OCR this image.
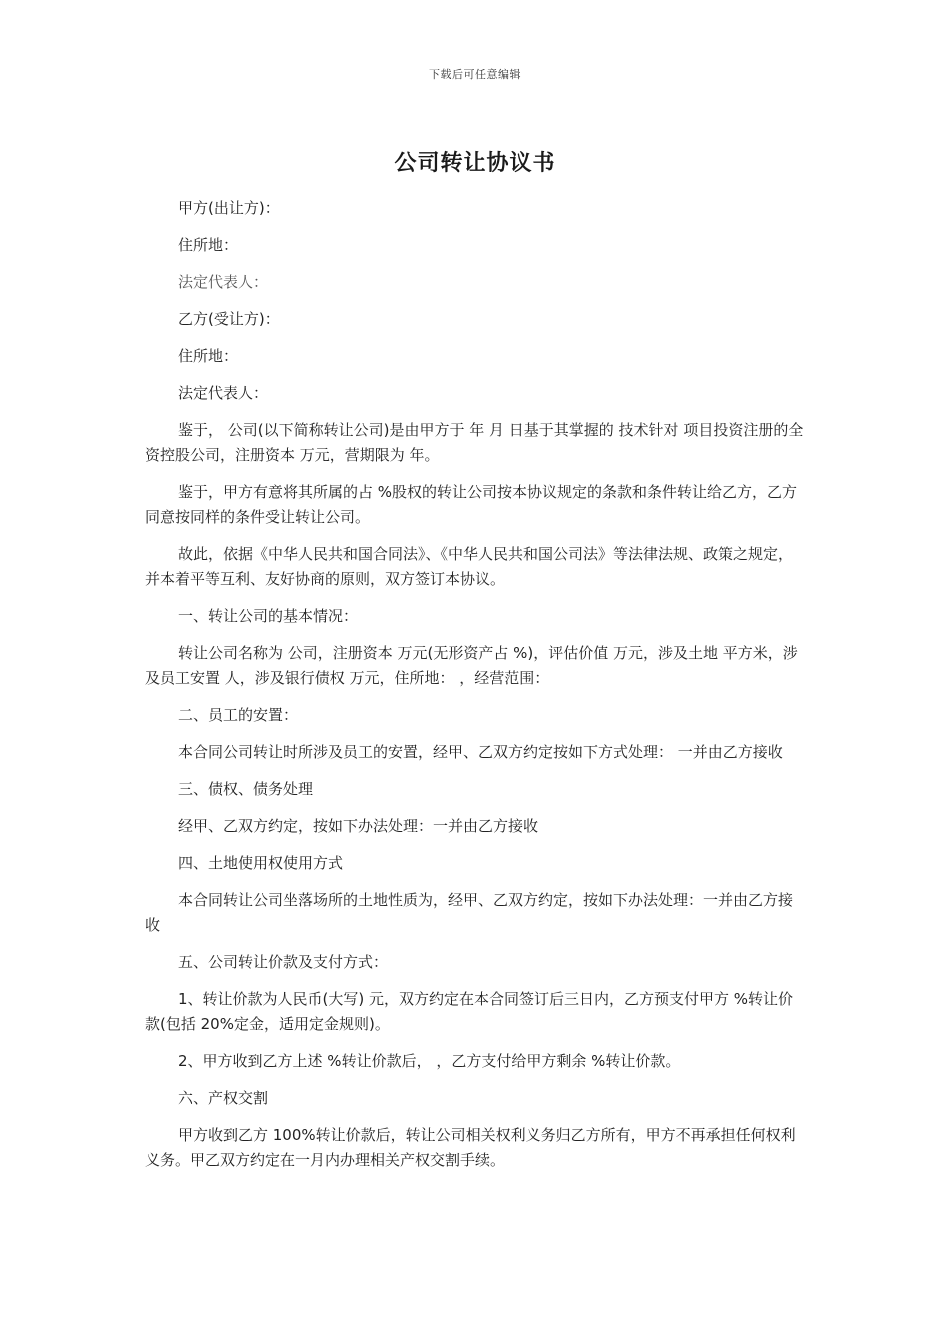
下载后可任意编辑
公司转让协议书

甲方(出让方)：

住所地：

法定代表人：

乙方(受让方)：

住所地：

法定代表人：

鉴于， 公司(以下简称转让公司)是由甲方于 年 月 日基于其掌握的 技术针对 项目投资注册的全资控股公司，注册资本 万元，营期限为 年。

鉴于，甲方有意将其所属的占 %股权的转让公司按本协议规定的条款和条件转让给乙方，乙方同意按同样的条件受让转让公司。

故此，依据《中华人民共和国合同法》、《中华人民共和国公司法》等法律法规、政策之规定，并本着平等互利、友好协商的原则，双方签订本协议。

一、转让公司的基本情况：

转让公司名称为 公司，注册资本 万元(无形资产占 %)，评估价值 万元，涉及土地 平方米，涉及员工安置 人，涉及银行债权 万元，住所地： ，经营范围：

二、员工的安置：

本合同公司转让时所涉及员工的安置，经甲、乙双方约定按如下方式处理： 一并由乙方接收

三、债权、债务处理

经甲、乙双方约定，按如下办法处理：一并由乙方接收

四、土地使用权使用方式

本合同转让公司坐落场所的土地性质为，经甲、乙双方约定，按如下办法处理：一并由乙方接收

五、公司转让价款及支付方式：

1、转让价款为人民币(大写) 元，双方约定在本合同签订后三日内，乙方预支付甲方 %转让价款(包括 20%定金，适用定金规则)。

2、甲方收到乙方上述 %转让价款后， ，乙方支付给甲方剩余 %转让价款。

六、产权交割

甲方收到乙方 100%转让价款后，转让公司相关权利义务归乙方所有，甲方不再承担任何权利义务。甲乙双方约定在一月内办理相关产权交割手续。
